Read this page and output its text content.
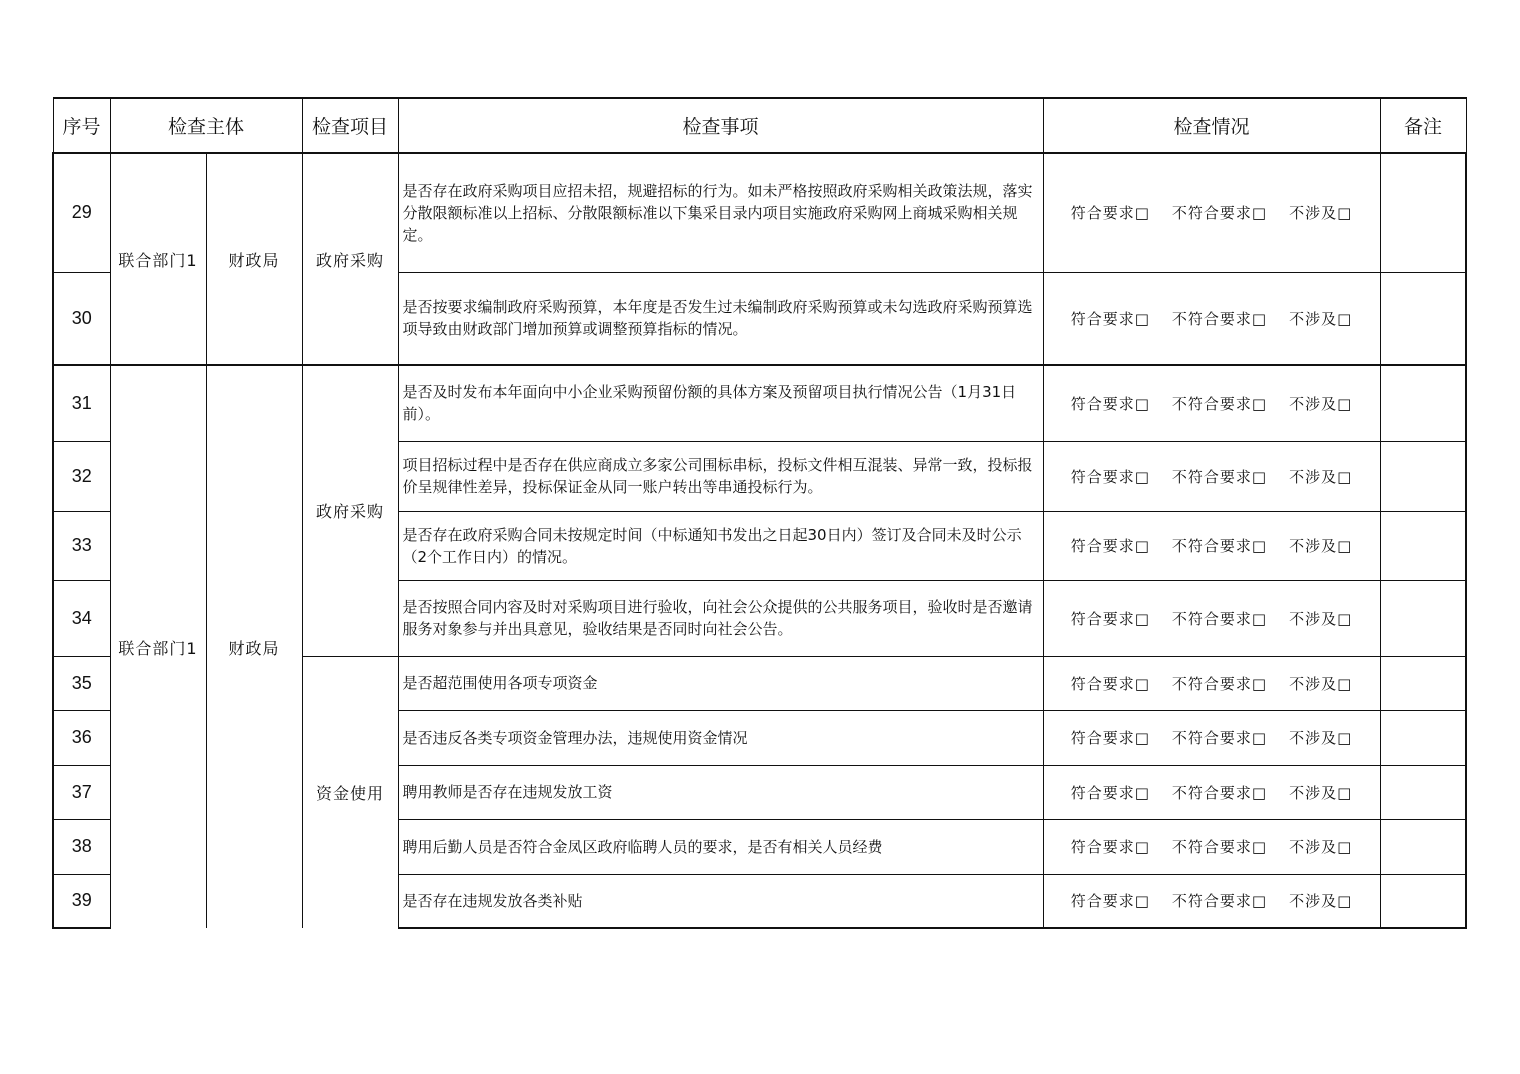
序号	检查主体		检查项目	检查事项	检查情况	备注
29	联合部门1	财政局	政府采购	是否存在政府采购项目应招未招，规避招标的行为。如未严格按照政府采购相关政策法规，落实分散限额标准以上招标、分散限额标准以下集采目录内项目实施政府采购网上商城采购相关规定。	符合要求□ 不符合要求□ 不涉及□	
30				是否按要求编制政府采购预算，本年度是否发生过未编制政府采购预算或未勾选政府采购预算选项导致由财政部门增加预算或调整预算指标的情况。	符合要求□ 不符合要求□ 不涉及□	
31	联合部门1	财政局	政府采购	是否及时发布本年面向中小企业采购预留份额的具体方案及预留项目执行情况公告（1月31日前）。	符合要求□ 不符合要求□ 不涉及□	
32				项目招标过程中是否存在供应商成立多家公司围标串标，投标文件相互混装、异常一致，投标报价呈规律性差异，投标保证金从同一账户转出等串通投标行为。	符合要求□ 不符合要求□ 不涉及□	
33				是否存在政府采购合同未按规定时间（中标通知书发出之日起30日内）签订及合同未及时公示（2个工作日内）的情况。	符合要求□ 不符合要求□ 不涉及□	
34				是否按照合同内容及时对采购项目进行验收，向社会公众提供的公共服务项目，验收时是否邀请服务对象参与并出具意见，验收结果是否同时向社会公告。	符合要求□ 不符合要求□ 不涉及□	
35			资金使用	是否超范围使用各项专项资金	符合要求□ 不符合要求□ 不涉及□	
36				是否违反各类专项资金管理办法，违规使用资金情况	符合要求□ 不符合要求□ 不涉及□	
37				聘用教师是否存在违规发放工资	符合要求□ 不符合要求□ 不涉及□	
38				聘用后勤人员是否符合金凤区政府临聘人员的要求，是否有相关人员经费	符合要求□ 不符合要求□ 不涉及□	
39				是否存在违规发放各类补贴	符合要求□ 不符合要求□ 不涉及□	
